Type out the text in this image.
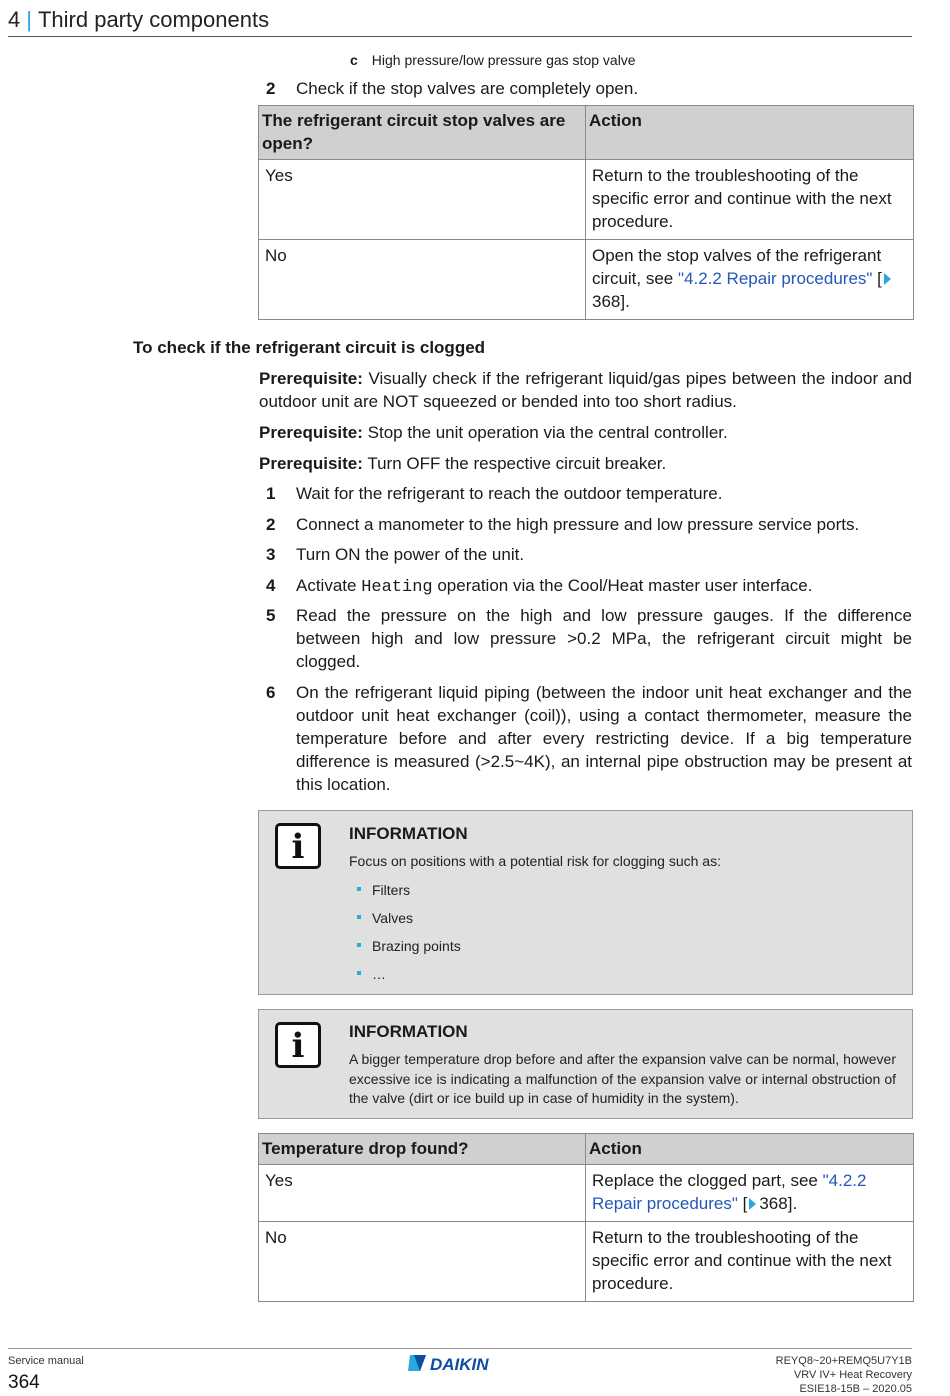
4 | Third party components
c High pressure/low pressure gas stop valve
2 Check if the stop valves are completely open.
The refrigerant circuit stop valves are open?	Action
Yes	Return to the troubleshooting of the specific error and continue with the next procedure.
No	Open the stop valves of the refrigerant circuit, see "4.2.2 Repair procedures" [368].
To check if the refrigerant circuit is clogged
Prerequisite: Visually check if the refrigerant liquid/gas pipes between the indoor and outdoor unit are NOT squeezed or bended into too short radius.
Prerequisite: Stop the unit operation via the central controller.
Prerequisite: Turn OFF the respective circuit breaker.
1 Wait for the refrigerant to reach the outdoor temperature.
2 Connect a manometer to the high pressure and low pressure service ports.
3 Turn ON the power of the unit.
4 Activate Heating operation via the Cool/Heat master user interface.
5 Read the pressure on the high and low pressure gauges. If the difference between high and low pressure >0.2 MPa, the refrigerant circuit might be clogged.
6 On the refrigerant liquid piping (between the indoor unit heat exchanger and the outdoor unit heat exchanger (coil)), using a contact thermometer, measure the temperature before and after every restricting device. If a big temperature difference is measured (>2.5~4K), an internal pipe obstruction may be present at this location.
i	INFORMATION
Focus on positions with a potential risk for clogging such as:
Filters
Valves
Brazing points
…
i	INFORMATION
A bigger temperature drop before and after the expansion valve can be normal, however excessive ice is indicating a malfunction of the expansion valve or internal obstruction of the valve (dirt or ice build up in case of humidity in the system).
Temperature drop found?	Action
Yes	Replace the clogged part, see "4.2.2 Repair procedures" [ 368].
No	Return to the troubleshooting of the specific error and continue with the next procedure.
Service manual
364
DAIKIN	REYQ8~20+REMQ5U7Y1B
VRV IV+ Heat Recovery
ESIE18-15B – 2020.05
